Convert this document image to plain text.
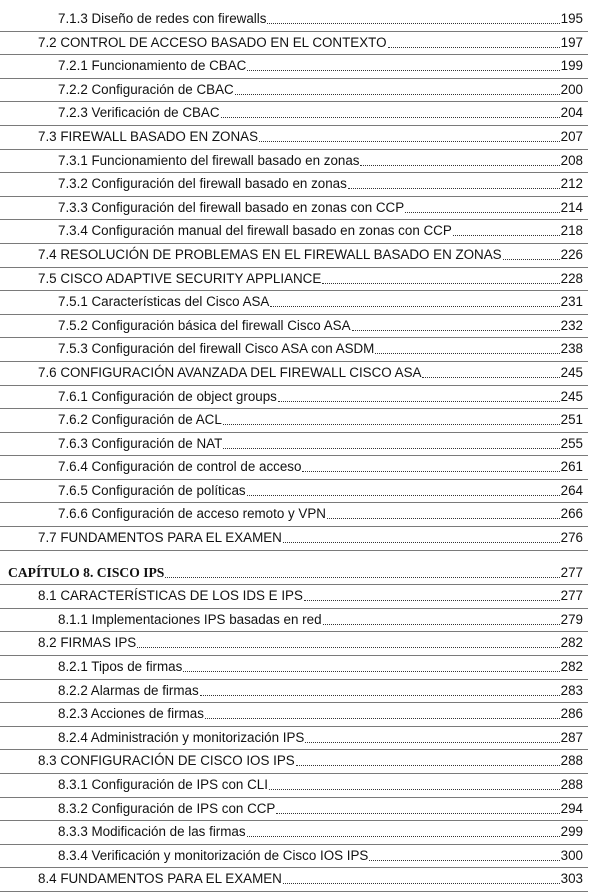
7.1.3 Diseño de redes con firewalls	195
7.2 CONTROL DE ACCESO BASADO EN EL CONTEXTO	197
7.2.1 Funcionamiento de CBAC	199
7.2.2 Configuración de CBAC	200
7.2.3 Verificación de CBAC	204
7.3 FIREWALL BASADO EN ZONAS	207
7.3.1 Funcionamiento del firewall basado en zonas	208
7.3.2 Configuración del firewall basado en zonas	212
7.3.3 Configuración del firewall basado en zonas con CCP	214
7.3.4 Configuración manual del firewall basado en zonas con CCP	218
7.4 RESOLUCIÓN DE PROBLEMAS EN EL FIREWALL BASADO EN ZONAS	226
7.5 CISCO ADAPTIVE SECURITY APPLIANCE	228
7.5.1 Características del Cisco ASA	231
7.5.2 Configuración básica del firewall Cisco ASA	232
7.5.3 Configuración del firewall Cisco ASA con ASDM	238
7.6 CONFIGURACIÓN AVANZADA DEL FIREWALL CISCO ASA	245
7.6.1 Configuración de object groups	245
7.6.2 Configuración de ACL	251
7.6.3 Configuración de NAT	255
7.6.4 Configuración de control de acceso	261
7.6.5 Configuración de políticas	264
7.6.6 Configuración de acceso remoto y VPN	266
7.7 FUNDAMENTOS PARA EL EXAMEN	276
CAPÍTULO 8. CISCO IPS	277
8.1 CARACTERÍSTICAS DE LOS IDS E IPS	277
8.1.1 Implementaciones IPS basadas en red	279
8.2 FIRMAS IPS	282
8.2.1 Tipos de firmas	282
8.2.2 Alarmas de firmas	283
8.2.3 Acciones de firmas	286
8.2.4 Administración y monitorización IPS	287
8.3 CONFIGURACIÓN DE CISCO IOS IPS	288
8.3.1 Configuración de IPS con CLI	288
8.3.2 Configuración de IPS con CCP	294
8.3.3 Modificación de las firmas	299
8.3.4 Verificación y monitorización de Cisco IOS IPS	300
8.4 FUNDAMENTOS PARA EL EXAMEN	303
